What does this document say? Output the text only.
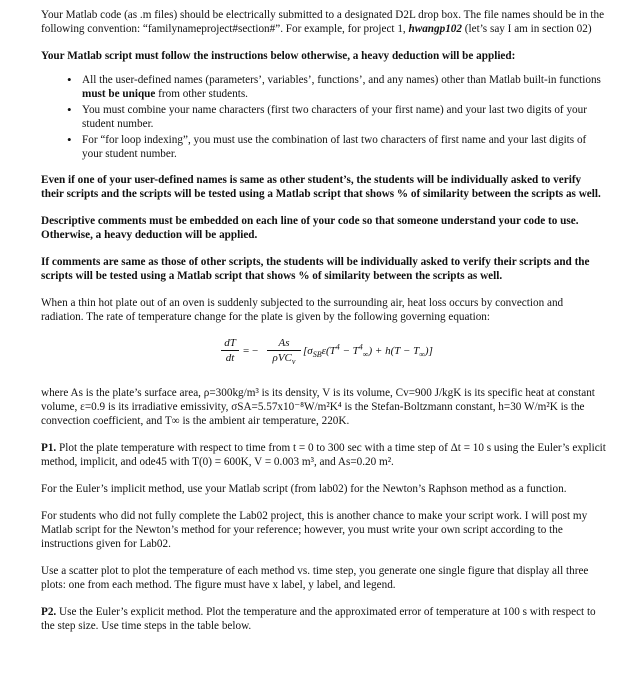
Your Matlab code (as .m files) should be electrically submitted to a designated D2L drop box. The file names should be in the following convention: “familynameproject#section#”. For example, for project 1, hwangp102 (let’s say I am in section 02)

Your Matlab script must follow the instructions below otherwise, a heavy deduction will be applied:

• All the user-defined names (parameters’, variables’, functions’, and any names) other than Matlab built-in functions must be unique from other students.
• You must combine your name characters (first two characters of your first name) and your last two digits of your student number.
• For “for loop indexing”, you must use the combination of last two characters of first name and your last digits of your student number.

Even if one of your user-defined names is same as other student’s, the students will be individually asked to verify their scripts and the scripts will be tested using a Matlab script that shows % of similarity between the scripts as well.

Descriptive comments must be embedded on each line of your code so that someone understand your code to use. Otherwise, a heavy deduction will be applied.

If comments are same as those of other scripts, the students will be individually asked to verify their scripts and the scripts will be tested using a Matlab script that shows % of similarity between the scripts as well.

When a thin hot plate out of an oven is suddenly subjected to the surrounding air, heat loss occurs by convection and radiation. The rate of temperature change for the plate is given by the following governing equation:

$\frac{dT}{dt}$ = −
As
ρVC$_v$
$[\sigma_{SB}\varepsilon(T^4 - T^4_\infty) + h(T - T_\infty)]$

where As is the plate’s surface area, ρ=300kg/m³ is its density, V is its volume, Cv=900 J/kgK is its specific heat at constant volume, ε=0.9 is its irradiative emissivity, σSA=5.57x10⁻⁸W/m²K⁴ is the Stefan-Boltzmann constant, h=30 W/m²K is the convection coefficient, and T∞ is the ambient air temperature, 220K.

P1. Plot the plate temperature with respect to time from t = 0 to 300 sec with a time step of Δt = 10 s using the Euler’s explicit method, implicit, and ode45 with T(0) = 600K, V = 0.003 m³, and As=0.20 m².

For the Euler’s implicit method, use your Matlab script (from lab02) for the Newton’s Raphson method as a function.

For students who did not fully complete the Lab02 project, this is another chance to make your script work. I will post my Matlab script for the Newton’s method for your reference; however, you must write your own script according to the instructions given for Lab02.

Use a scatter plot to plot the temperature of each method vs. time step, you generate one single figure that display all three plots: one from each method. The figure must have x label, y label, and legend.

P2. Use the Euler’s explicit method. Plot the temperature and the approximated error of temperature at 100 s with respect to the step size. Use time steps in the table below.
